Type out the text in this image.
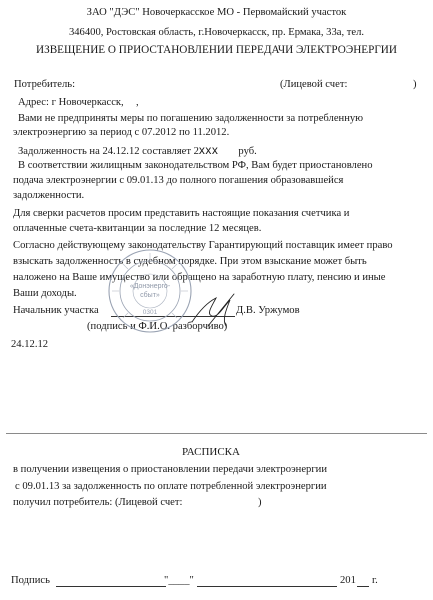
ЗАО "ДЭС" Новочеркасское МО - Первомайский участок
346400, Ростовская область, г.Новочеркасск, пр. Ермака, 33а, тел.
ИЗВЕЩЕНИЕ О ПРИОСТАНОВЛЕНИИ ПЕРЕДАЧИ ЭЛЕКТРОЭНЕРГИИ
Потребитель:	(Лицевой счет:	)
Адрес: г Новочеркасск, ,
Вами не предприняты меры по погашению задолженности за потребленную
электроэнергию за период с 07.2012 по 11.2012.
Задолженность на 24.12.12 составляет 2ххх руб.
В соответствии жилищным законодательством РФ, Вам будет приостановлено
подача электроэнергии с 09.01.13 до полного погашения образовавшейся
задолженности.
Для сверки расчетов просим представить настоящие показания счетчика и
оплаченные счета-квитанции за последние 12 месяцев.
Согласно действующему законодательству Гарантирующий поставщик имеет право
взыскать задолженность в судебном порядке. При этом взыскание может быть
наложено на Ваше имущество или обращено на заработную плату, пенсию и иные
Ваши доходы.
Начальник участка	Д.В. Уржумов
(подпись и Ф.И.О. разборчиво)
24.12.12
«Донэнерго-
сбыт»
0301
РАСПИСКА
в получении извещения о приостановлении передачи электроэнергии
с 09.01.13 за задолженность по оплате потребленной электроэнергии
получил потребитель: (Лицевой счет:	)
Подпись	"____"	201 г.
